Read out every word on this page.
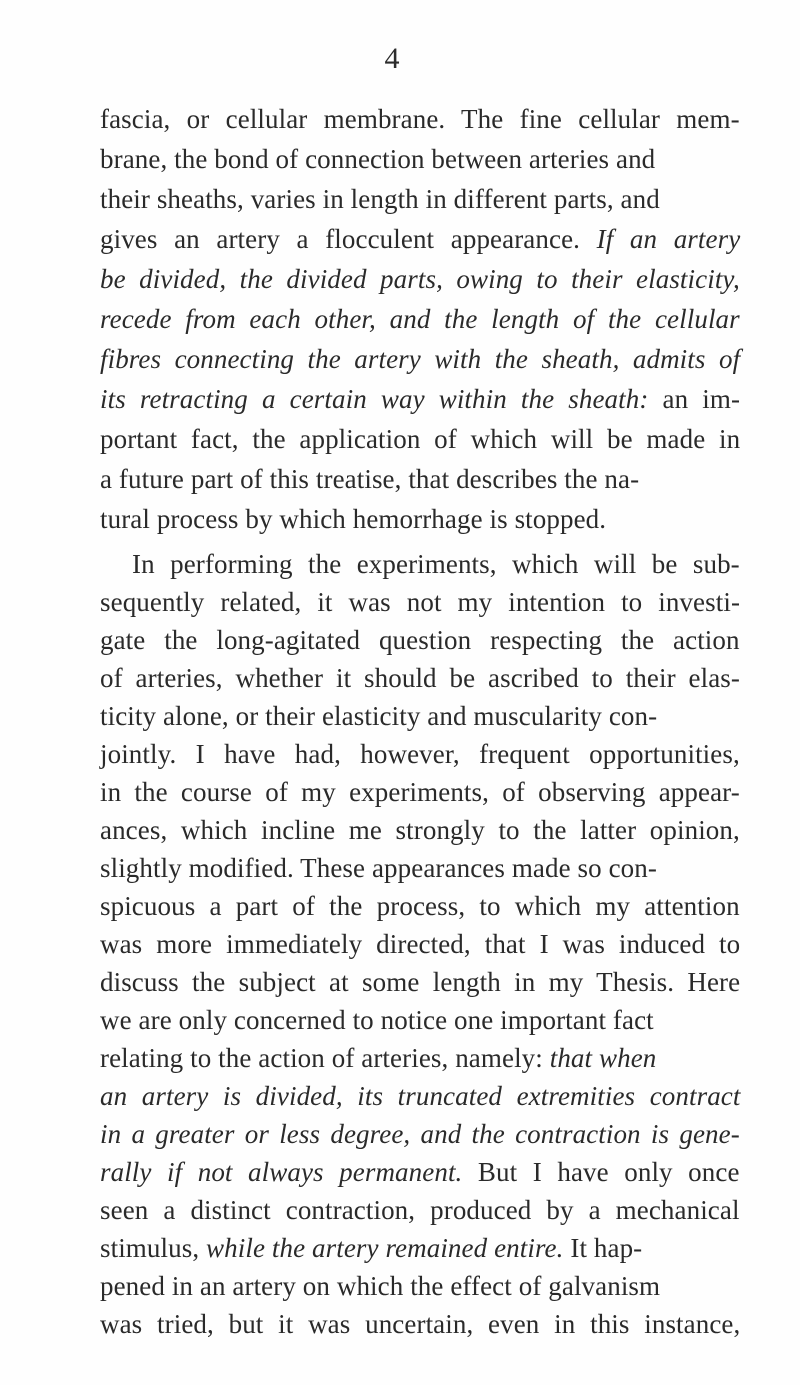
4
fascia, or cellular membrane. The fine cellular mem-
brane, the bond of connection between arteries and
their sheaths, varies in length in different parts, and
gives an artery a flocculent appearance. If an artery
be divided, the divided parts, owing to their elasticity,
recede from each other, and the length of the cellular
fibres connecting the artery with the sheath, admits of
its retracting a certain way within the sheath: an im-
portant fact, the application of which will be made in
a future part of this treatise, that describes the na-
tural process by which hemorrhage is stopped.
In performing the experiments, which will be sub-
sequently related, it was not my intention to investi-
gate the long-agitated question respecting the action
of arteries, whether it should be ascribed to their elas-
ticity alone, or their elasticity and muscularity con-
jointly. I have had, however, frequent opportunities,
in the course of my experiments, of observing appear-
ances, which incline me strongly to the latter opinion,
slightly modified. These appearances made so con-
spicuous a part of the process, to which my attention
was more immediately directed, that I was induced to
discuss the subject at some length in my Thesis. Here
we are only concerned to notice one important fact
relating to the action of arteries, namely: that when
an artery is divided, its truncated extremities contract
in a greater or less degree, and the contraction is gene-
rally if not always permanent. But I have only once
seen a distinct contraction, produced by a mechanical
stimulus, while the artery remained entire. It hap-
pened in an artery on which the effect of galvanism
was tried, but it was uncertain, even in this instance,
